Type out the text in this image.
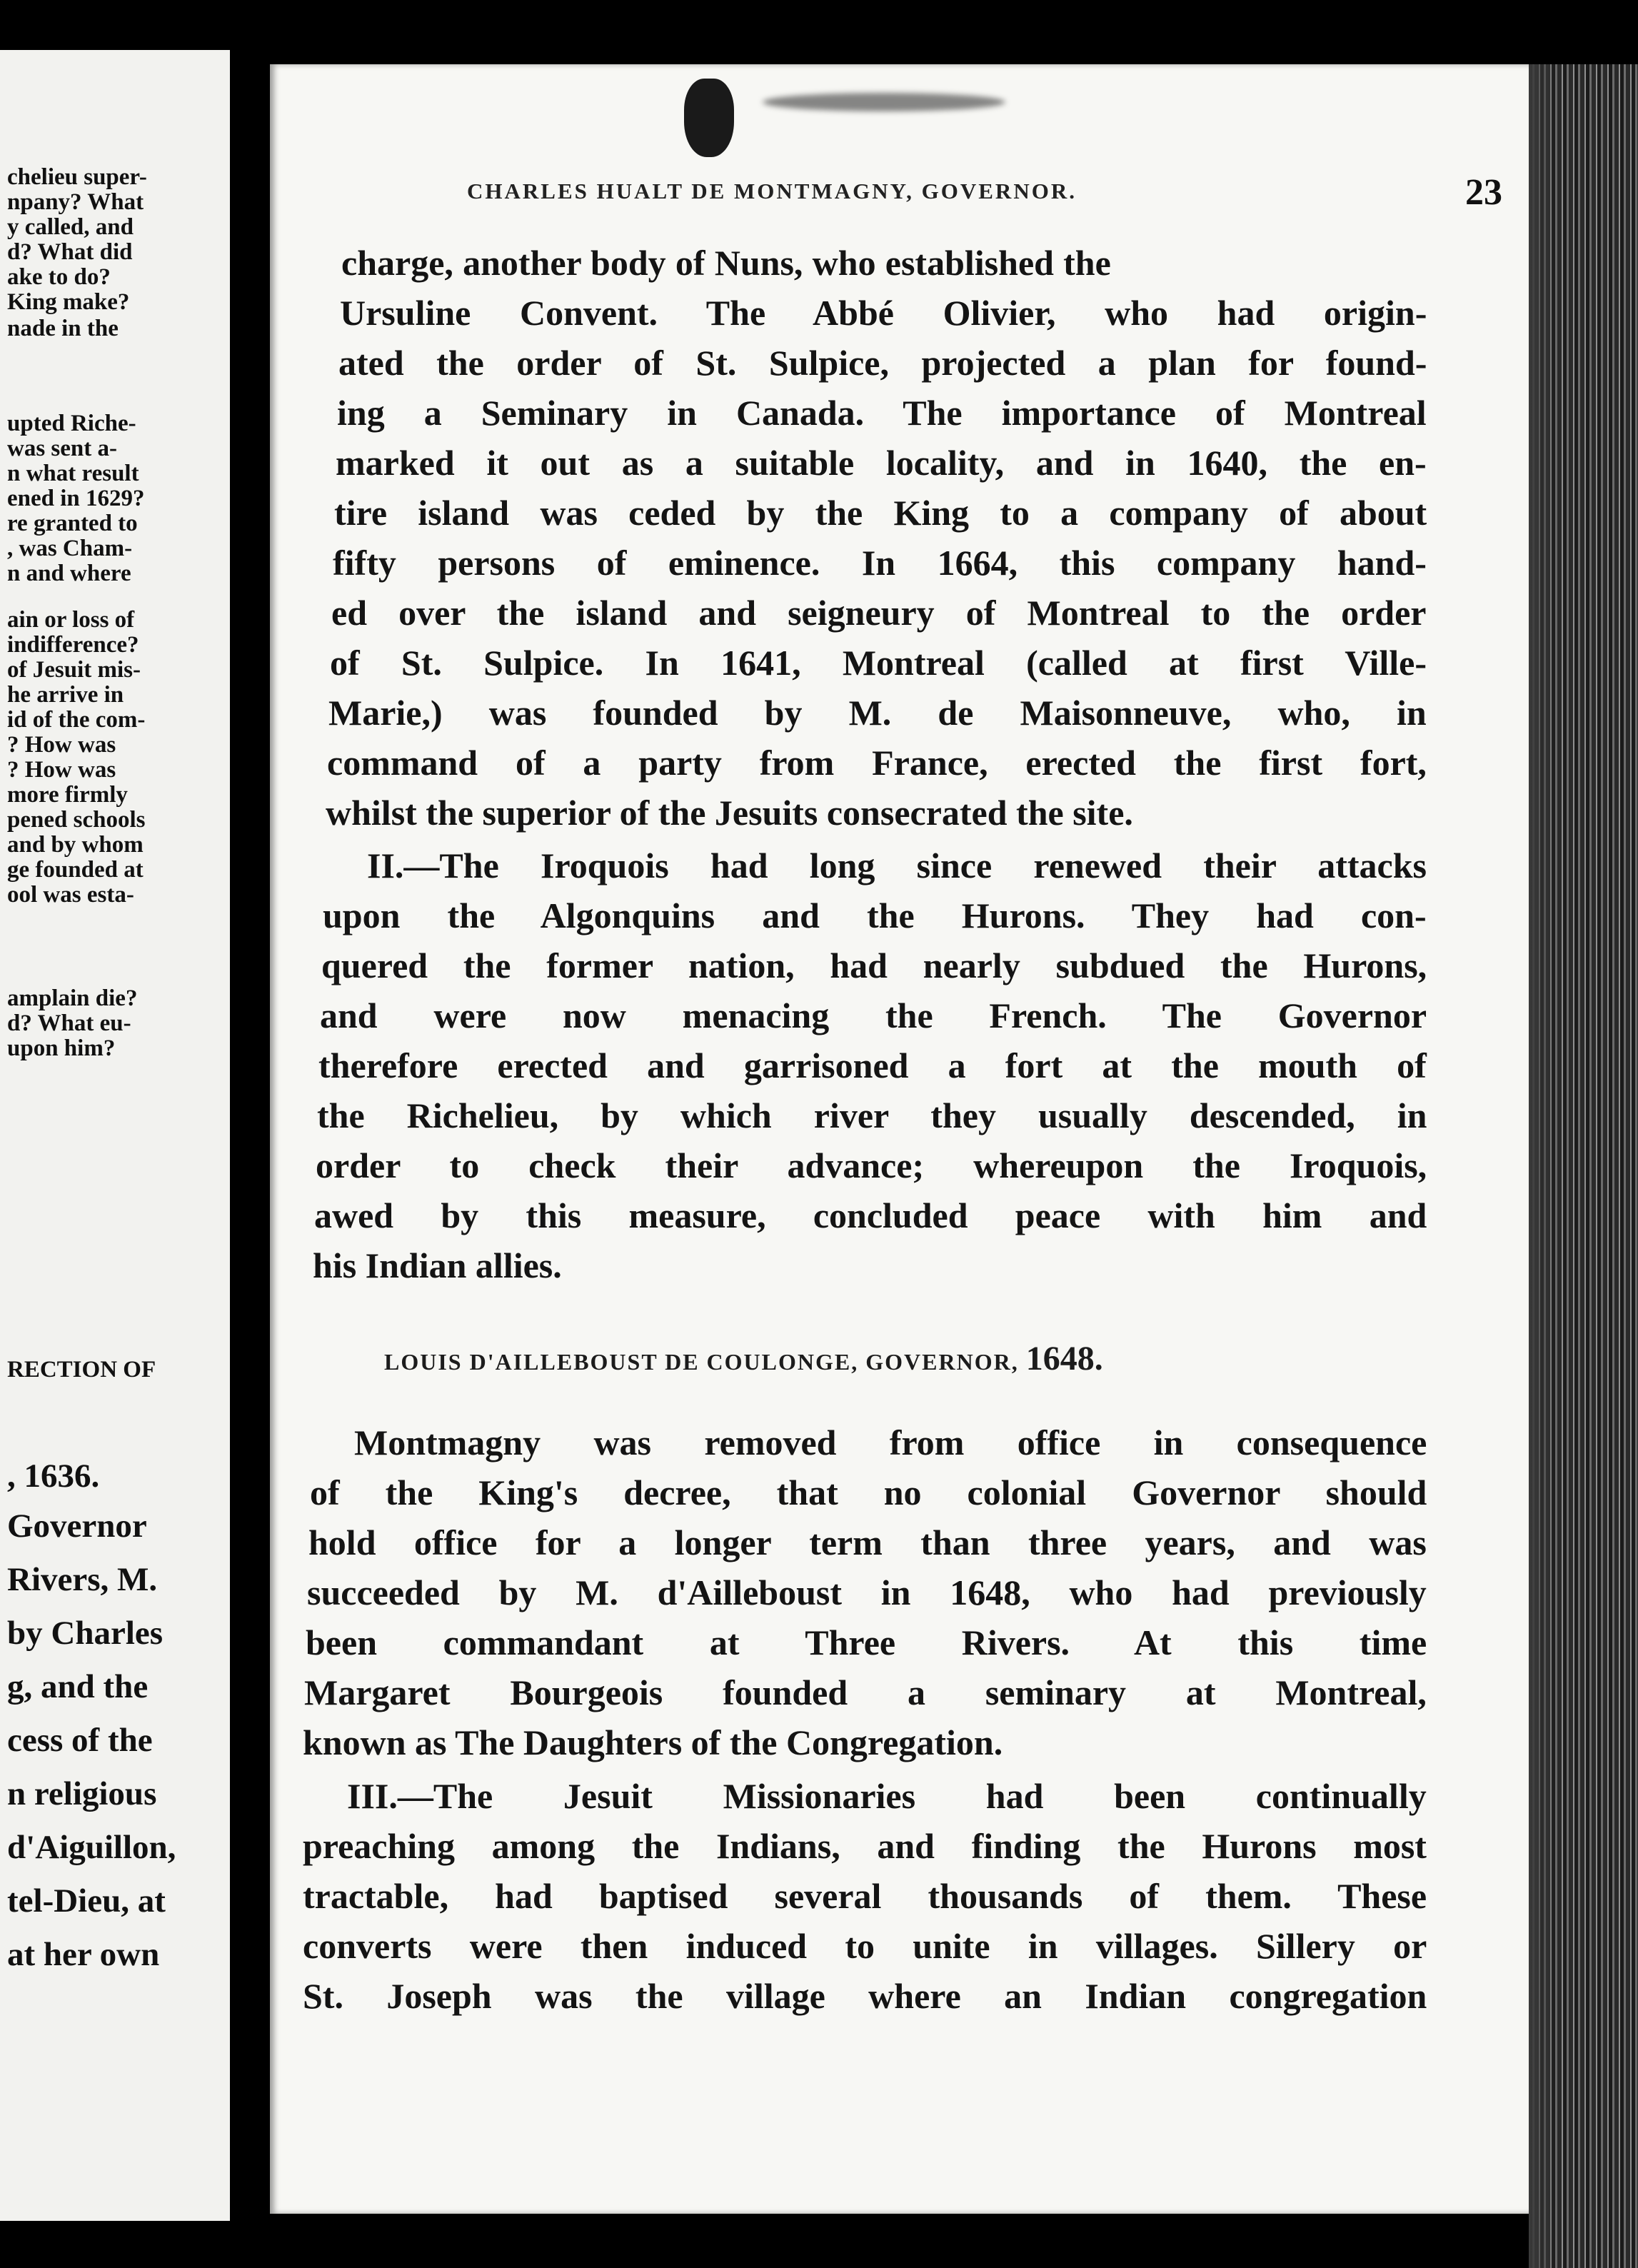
chelieu super-
npany? What
y called, and
d? What did
ake to do?
King make?
nade in the
upted Riche-
was sent a-
n what result
ened in 1629?
re granted to
, was Cham-
n and where
ain or loss of
indifference?
of Jesuit mis-
he arrive in
id of the com-
? How was
? How was
more firmly
pened schools
and by whom
ge founded at
ool was esta-
amplain die?
d? What eu-
upon him?
RECTION OF
, 1636.
Governor
Rivers, M.
by Charles
g, and the
cess of the
n religious
d'Aiguillon,
tel-Dieu, at
at her own
CHARLES HUALT DE MONTMAGNY, GOVERNOR.	23
charge, another body of Nuns, who established the
Ursuline Convent. The Abbé Olivier, who had origin-
ated the order of St. Sulpice, projected a plan for found-
ing a Seminary in Canada. The importance of Montreal
marked it out as a suitable locality, and in 1640, the en-
tire island was ceded by the King to a company of about
fifty persons of eminence. In 1664, this company hand-
ed over the island and seigneury of Montreal to the order
of St. Sulpice. In 1641, Montreal (called at first Ville-
Marie,) was founded by M. de Maisonneuve, who, in
command of a party from France, erected the first fort,
whilst the superior of the Jesuits consecrated the site.
II.—The Iroquois had long since renewed their attacks
upon the Algonquins and the Hurons. They had con-
quered the former nation, had nearly subdued the Hurons,
and were now menacing the French. The Governor
therefore erected and garrisoned a fort at the mouth of
the Richelieu, by which river they usually descended, in
order to check their advance; whereupon the Iroquois,
awed by this measure, concluded peace with him and
his Indian allies.
LOUIS D'AILLEBOUST DE COULONGE, GOVERNOR, 1648.
Montmagny was removed from office in consequence
of the King's decree, that no colonial Governor should
hold office for a longer term than three years, and was
succeeded by M. d'Ailleboust in 1648, who had previously
been commandant at Three Rivers. At this time
Margaret Bourgeois founded a seminary at Montreal,
known as The Daughters of the Congregation.
III.—The Jesuit Missionaries had been continually
preaching among the Indians, and finding the Hurons most
tractable, had baptised several thousands of them. These
converts were then induced to unite in villages. Sillery or
St. Joseph was the village where an Indian congregation
